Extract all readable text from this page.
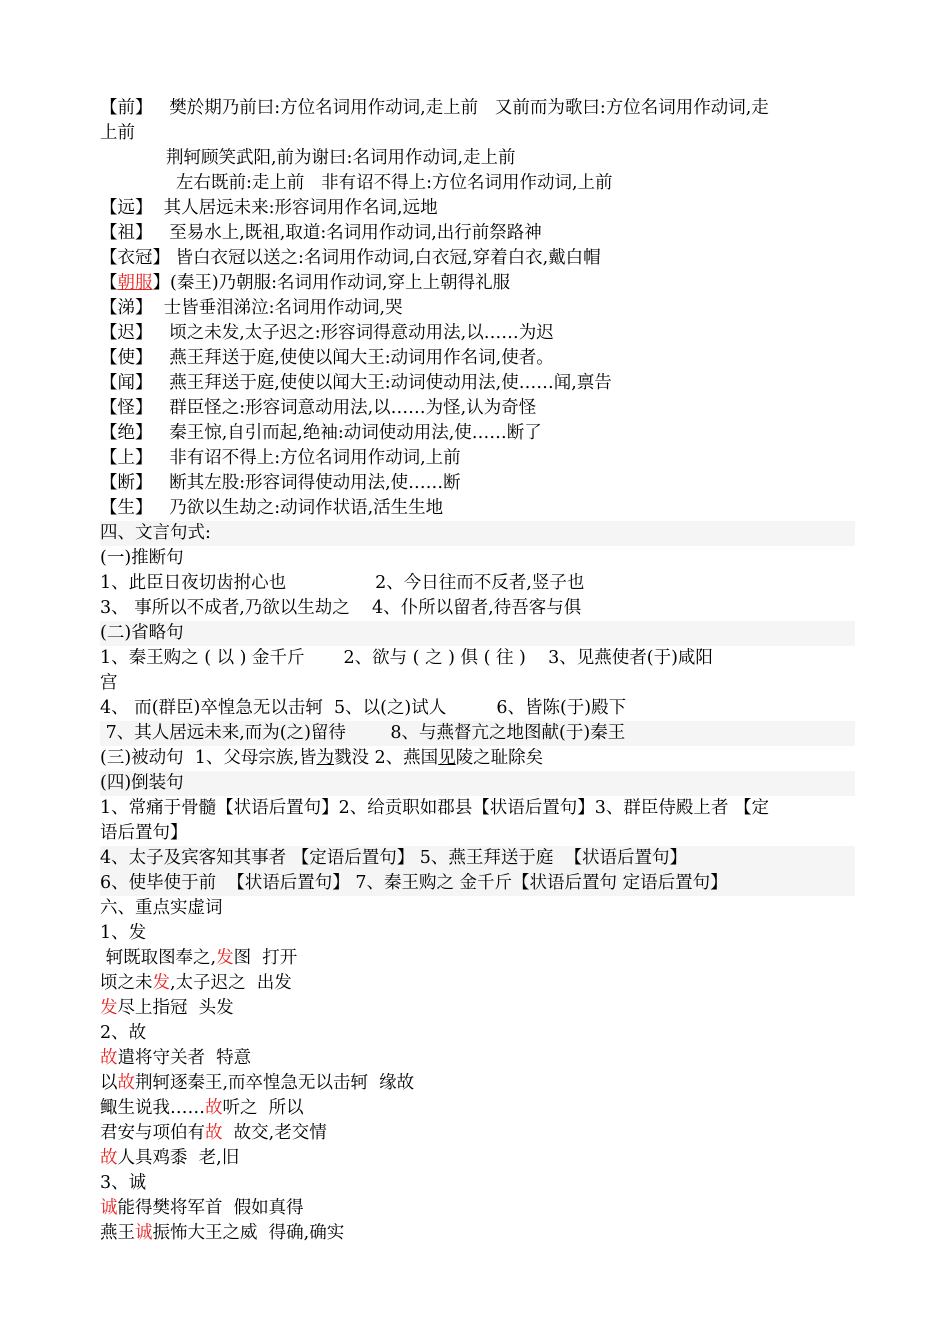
【前】   樊於期乃前曰:方位名词用作动词,走上前   又前而为歌曰:方位名词用作动词,走
上前
荆轲顾笑武阳,前为谢曰:名词用作动词,走上前
左右既前:走上前   非有诏不得上:方位名词用作动词,上前
【远】  其人居远未来:形容词用作名词,远地
【祖】   至易水上,既祖,取道:名词用作动词,出行前祭路神
【衣冠】 皆白衣冠以送之:名词用作动词,白衣冠,穿着白衣,戴白帽
【朝服】(秦王)乃朝服:名词用作动词,穿上上朝得礼服
【涕】  士皆垂泪涕泣:名词用作动词,哭
【迟】   顷之未发,太子迟之:形容词得意动用法,以……为迟
【使】   燕王拜送于庭,使使以闻大王:动词用作名词,使者。
【闻】   燕王拜送于庭,使使以闻大王:动词使动用法,使……闻,禀告
【怪】   群臣怪之:形容词意动用法,以……为怪,认为奇怪
【绝】   秦王惊,自引而起,绝袖:动词使动用法,使……断了
【上】   非有诏不得上:方位名词用作动词,上前
【断】   断其左股:形容词得使动用法,使……断
【生】   乃欲以生劫之:动词作状语,活生生地
四、文言句式:
(一)推断句
1、此臣日夜切齿拊心也                2、今日往而不反者,竖子也
3、 事所以不成者,乃欲以生劫之    4、仆所以留者,待吾客与俱
(二)省略句
1、秦王购之 ( 以 ) 金千斤       2、欲与 ( 之 ) 俱 ( 往 )    3、见燕使者(于)咸阳
宫
4、 而(群臣)卒惶急无以击轲  5、以(之)试人         6、皆陈(于)殿下
7、其人居远未来,而为(之)留待        8、与燕督亢之地图献(于)秦王
(三)被动句  1、父母宗族,皆为戮没 2、燕国见陵之耻除矣
(四)倒装句
1、常痛于骨髓【状语后置句】2、给贡职如郡县【状语后置句】3、群臣侍殿上者 【定
语后置句】
4、太子及宾客知其事者 【定语后置句】 5、燕王拜送于庭  【状语后置句】
6、使毕使于前  【状语后置句】 7、秦王购之 金千斤【状语后置句 定语后置句】
六、重点实虚词
1、发
轲既取图奉之,发图  打开
顷之未发,太子迟之  出发
发尽上指冠  头发
2、故
故遣将守关者  特意
以故荆轲逐秦王,而卒惶急无以击轲  缘故
鲰生说我……故听之  所以
君安与项伯有故  故交,老交情
故人具鸡黍  老,旧
3、诚
诚能得樊将军首  假如真得
燕王诚振怖大王之威  得确,确实
